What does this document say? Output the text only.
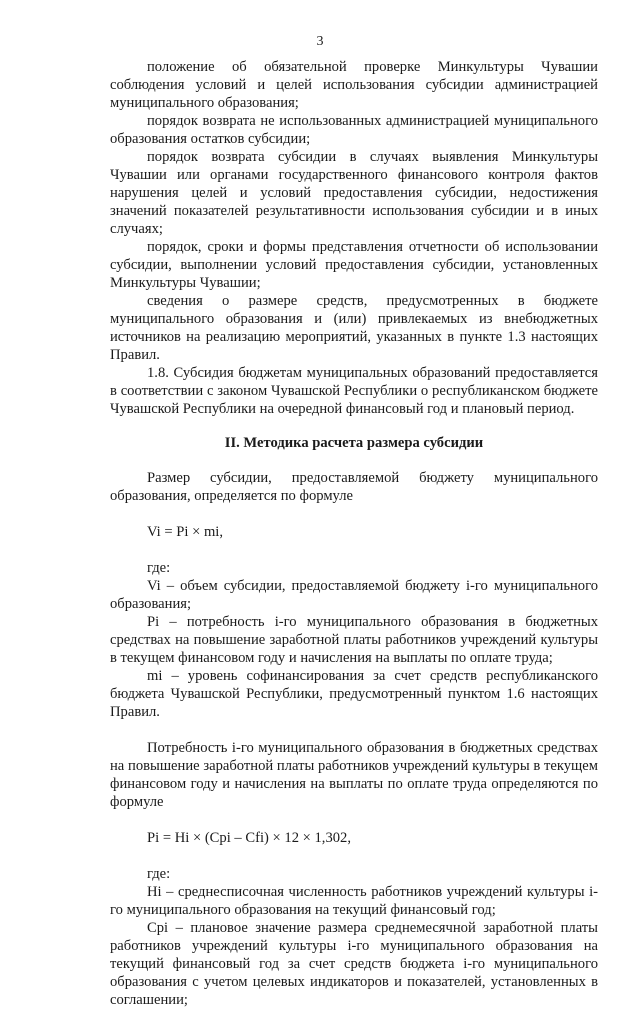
3

положение об обязательной проверке Минкультуры Чувашии соблюдения условий и целей использования субсидии администрацией муниципального образования;

порядок возврата не использованных администрацией муниципального образования остатков субсидии;

порядок возврата субсидии в случаях выявления Минкультуры Чувашии или органами государственного финансового контроля фактов нарушения целей и условий предоставления субсидии, недостижения значений показателей результативности использования субсидии и в иных случаях;

порядок, сроки и формы представления отчетности об использовании субсидии, выполнении условий предоставления субсидии, установленных Минкультуры Чувашии;

сведения о размере средств, предусмотренных в бюджете муниципального образования и (или) привлекаемых из внебюджетных источников на реализацию мероприятий, указанных в пункте 1.3 настоящих Правил.

1.8. Субсидия бюджетам муниципальных образований предоставляется в соответствии с законом Чувашской Республики о республиканском бюджете Чувашской Республики на очередной финансовый год и плановый период.

II. Методика расчета размера субсидии

Размер субсидии, предоставляемой бюджету муниципального образования, определяется по формуле

Vi = Pi × mi,

где:

Vi – объем субсидии, предоставляемой бюджету i-го муниципального образования;

Pi – потребность i-го муниципального образования в бюджетных средствах на повышение заработной платы работников учреждений культуры в текущем финансовом году и начисления на выплаты по оплате труда;

mi – уровень софинансирования за счет средств республиканского бюджета Чувашской Республики, предусмотренный пунктом 1.6 настоящих Правил.

Потребность i-го муниципального образования в бюджетных средствах на повышение заработной платы работников учреждений культуры в текущем финансовом году и начисления на выплаты по оплате труда определяются по формуле

Pi = Hi × (Cpi – Cfi) × 12 × 1,302,

где:

Hi – среднесписочная численность работников учреждений культуры i-го муниципального образования на текущий финансовый год;

Cpi – плановое значение размера среднемесячной заработной платы работников учреждений культуры i-го муниципального образования на текущий финансовый год за счет средств бюджета i-го муниципального образования с учетом целевых индикаторов и показателей, установленных в соглашении;
